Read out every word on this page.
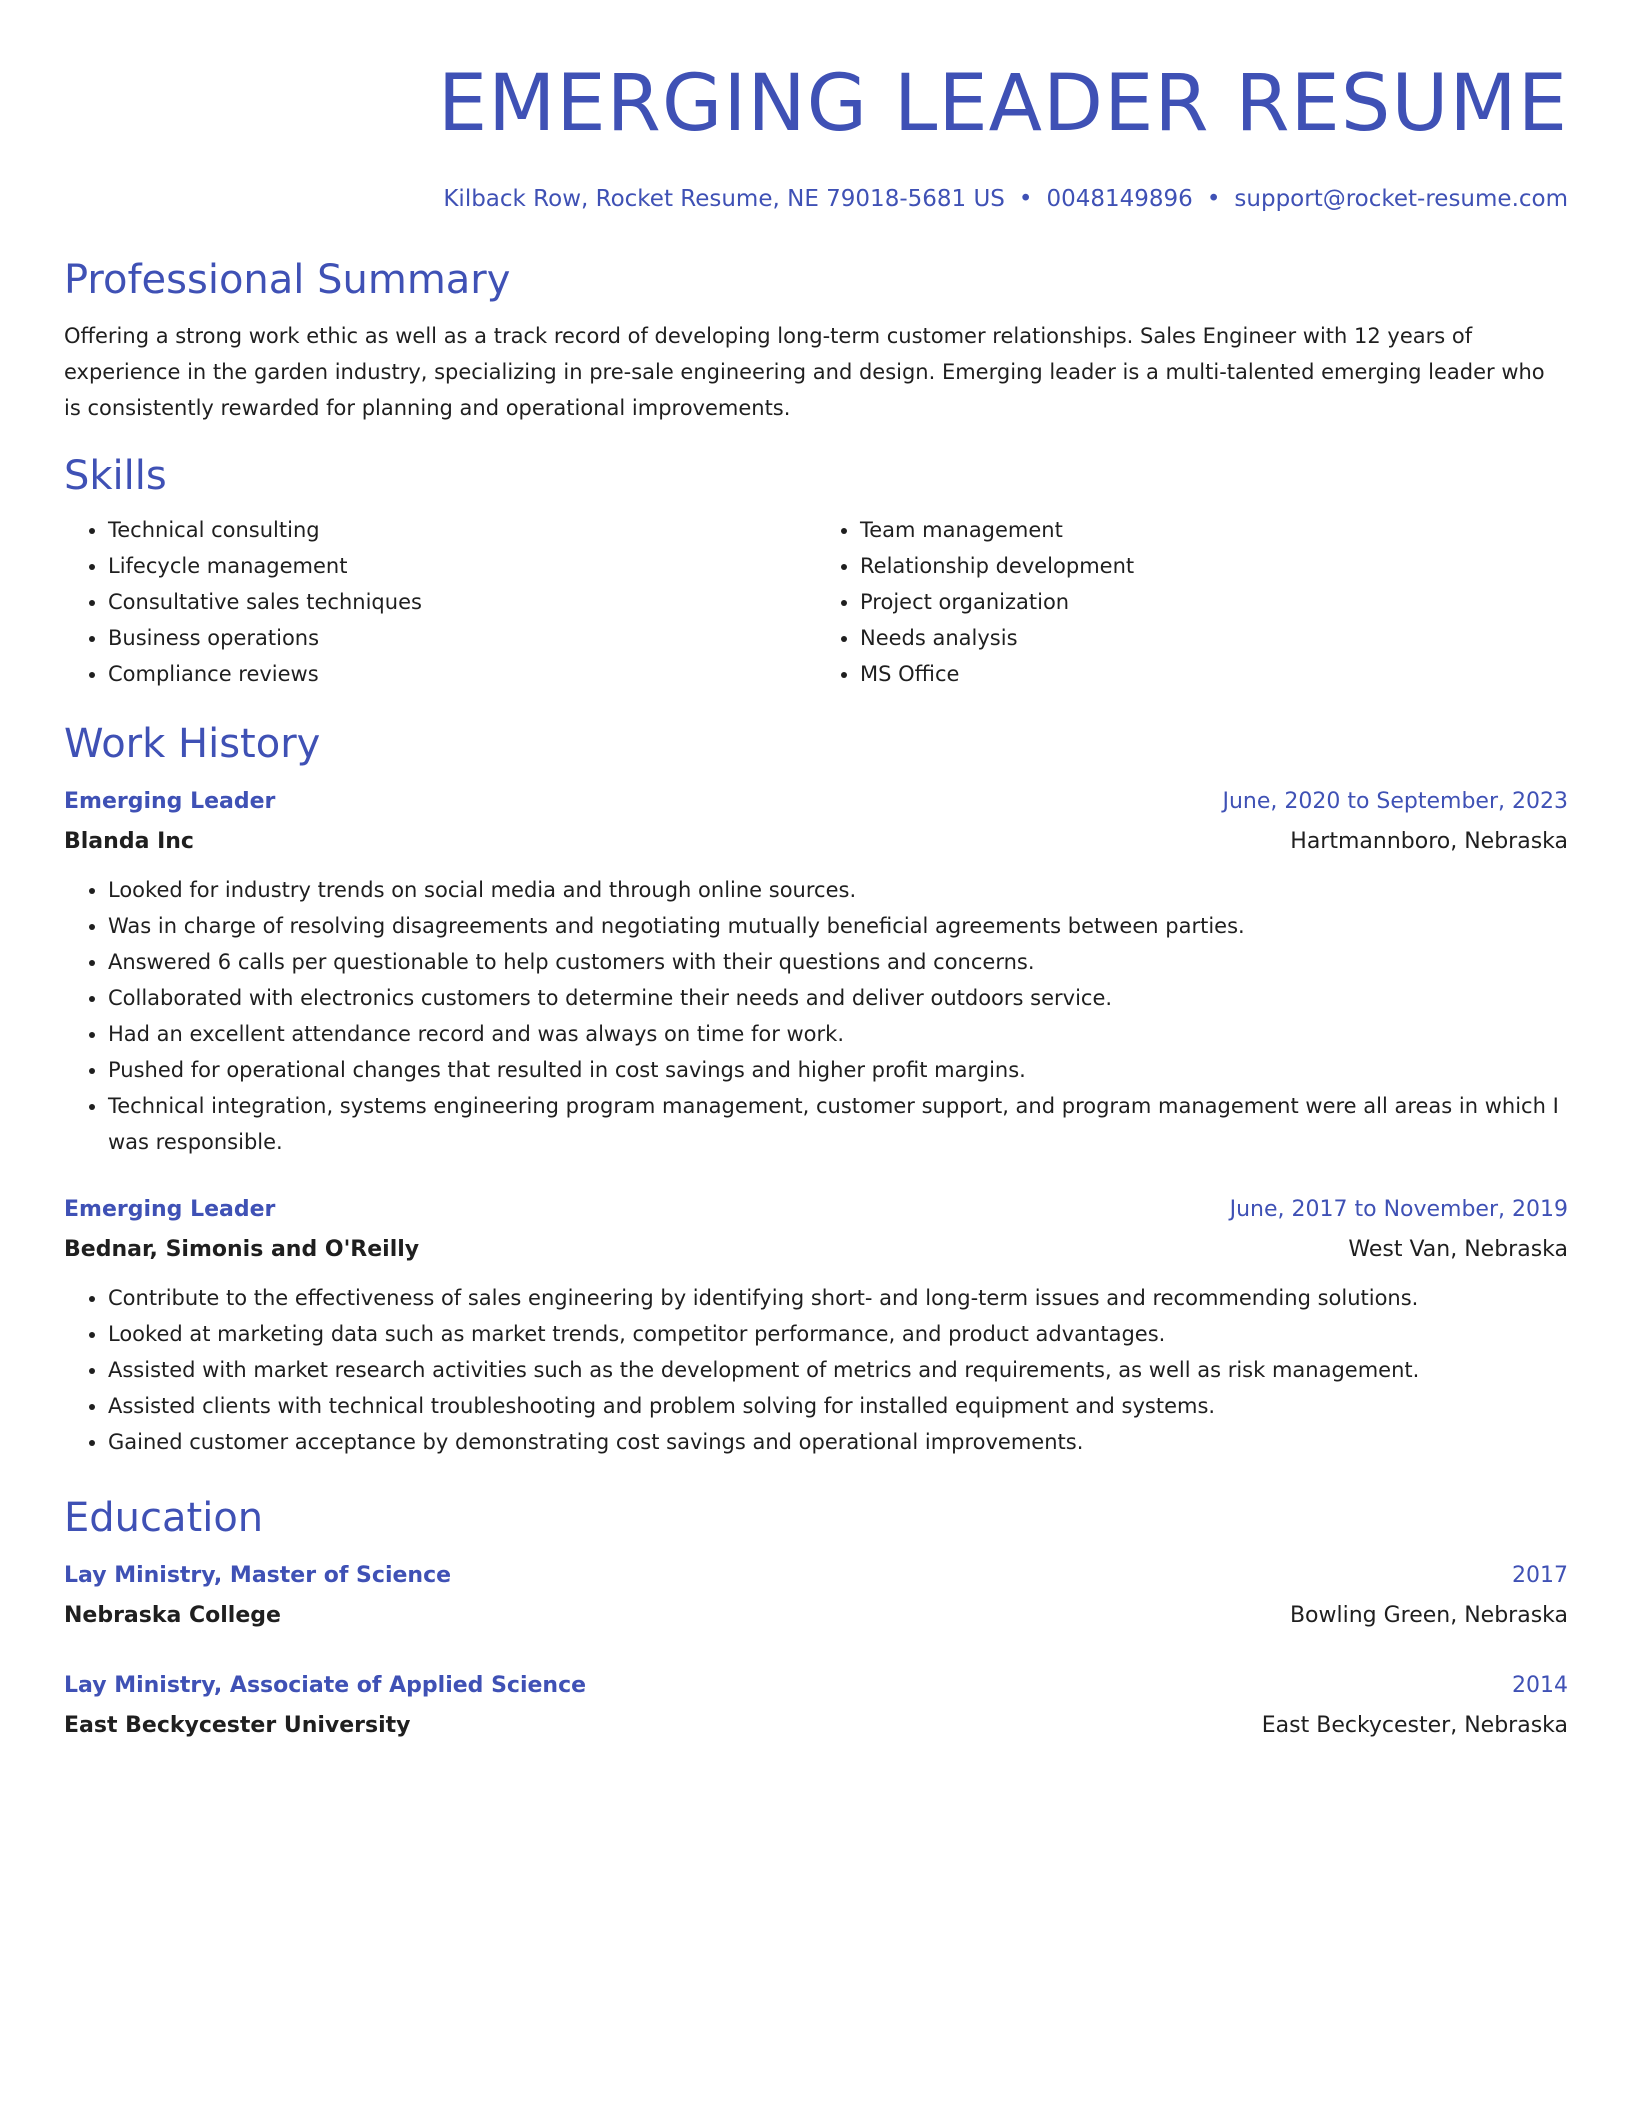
EMERGING LEADER RESUME
Kilback Row, Rocket Resume, NE 79018-5681 US • 0048149896 • support@rocket-resume.com
Professional Summary

Offering a strong work ethic as well as a track record of developing long-term customer relationships. Sales Engineer with 12 years of experience in the garden industry, specializing in pre-sale engineering and design. Emerging leader is a multi-talented emerging leader who is consistently rewarded for planning and operational improvements.

Skills
• Technical consulting
• Lifecycle management
• Consultative sales techniques
• Business operations
• Compliance reviews
• Team management
• Relationship development
• Project organization
• Needs analysis
• MS Office
Work History
Emerging Leader	June, 2020 to September, 2023
Blanda Inc	Hartmannboro, Nebraska
• Looked for industry trends on social media and through online sources.
• Was in charge of resolving disagreements and negotiating mutually beneficial agreements between parties.
• Answered 6 calls per questionable to help customers with their questions and concerns.
• Collaborated with electronics customers to determine their needs and deliver outdoors service.
• Had an excellent attendance record and was always on time for work.
• Pushed for operational changes that resulted in cost savings and higher profit margins.
• Technical integration, systems engineering program management, customer support, and program management were all areas in which I was responsible.
Emerging Leader	June, 2017 to November, 2019
Bednar, Simonis and O'Reilly	West Van, Nebraska
• Contribute to the effectiveness of sales engineering by identifying short- and long-term issues and recommending solutions.
• Looked at marketing data such as market trends, competitor performance, and product advantages.
• Assisted with market research activities such as the development of metrics and requirements, as well as risk management.
• Assisted clients with technical troubleshooting and problem solving for installed equipment and systems.
• Gained customer acceptance by demonstrating cost savings and operational improvements.
Education
Lay Ministry, Master of Science	2017
Nebraska College	Bowling Green, Nebraska
Lay Ministry, Associate of Applied Science	2014
East Beckycester University	East Beckycester, Nebraska
